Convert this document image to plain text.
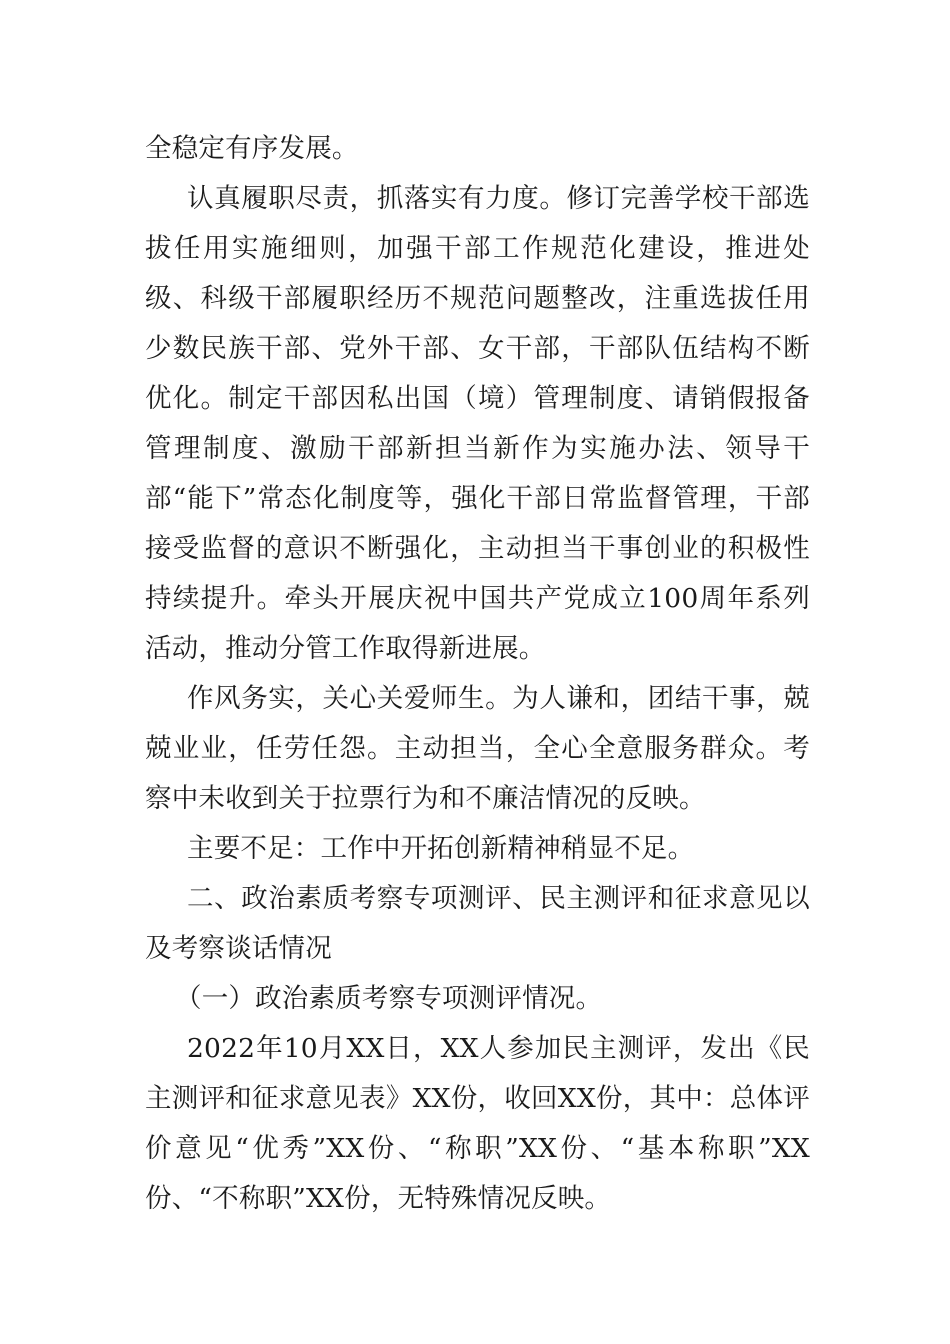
全稳定有序发展。

认真履职尽责，抓落实有力度。修订完善学校干部选拔任用实施细则，加强干部工作规范化建设，推进处级、科级干部履职经历不规范问题整改，注重选拔任用少数民族干部、党外干部、女干部，干部队伍结构不断优化。制定干部因私出国（境）管理制度、请销假报备管理制度、激励干部新担当新作为实施办法、领导干部“能下”常态化制度等，强化干部日常监督管理，干部接受监督的意识不断强化，主动担当干事创业的积极性持续提升。牵头开展庆祝中国共产党成立100周年系列活动，推动分管工作取得新进展。

作风务实，关心关爱师生。为人谦和，团结干事，兢兢业业，任劳任怨。主动担当，全心全意服务群众。考察中未收到关于拉票行为和不廉洁情况的反映。

主要不足：工作中开拓创新精神稍显不足。

二、政治素质考察专项测评、民主测评和征求意见以及考察谈话情况

（一）政治素质考察专项测评情况。

2022年10月XX日，XX人参加民主测评，发出《民主测评和征求意见表》XX份，收回XX份，其中：总体评价意见“优秀”XX份、“称职”XX份、“基本称职”XX份、“不称职”XX份，无特殊情况反映。
